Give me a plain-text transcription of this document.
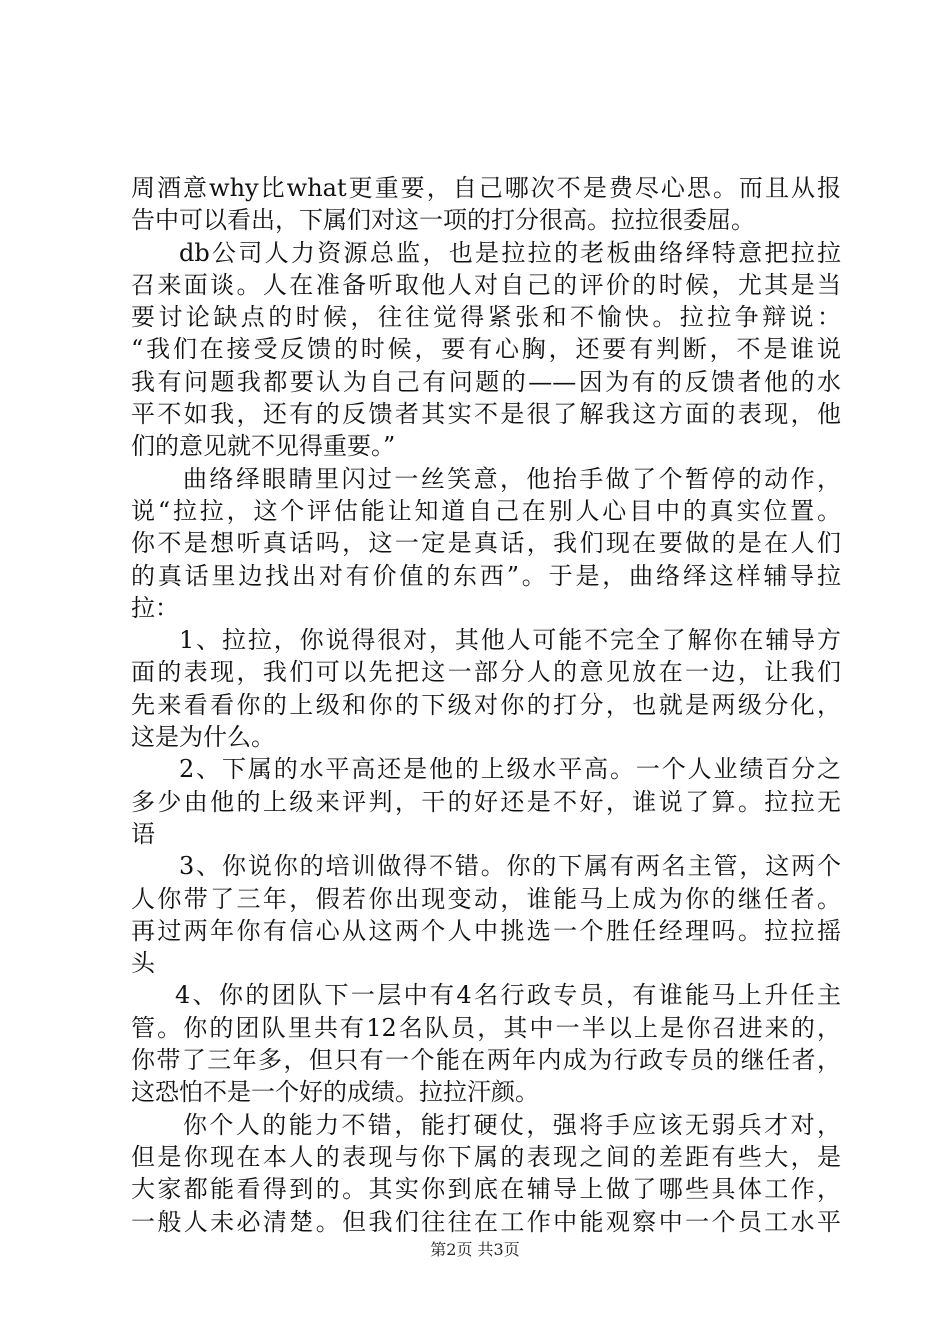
周酒意why比what更重要，自己哪次不是费尽心思。而且从报
告中可以看出，下属们对这一项的打分很高。拉拉很委屈。
db公司人力资源总监，也是拉拉的老板曲络绎特意把拉拉
召来面谈。人在准备听取他人对自己的评价的时候，尤其是当
要讨论缺点的时候，往往觉得紧张和不愉快。拉拉争辩说：
“我们在接受反馈的时候，要有心胸，还要有判断，不是谁说
我有问题我都要认为自己有问题的——因为有的反馈者他的水
平不如我，还有的反馈者其实不是很了解我这方面的表现，他
们的意见就不见得重要。”
曲络绎眼睛里闪过一丝笑意，他抬手做了个暂停的动作，
说“拉拉，这个评估能让知道自己在别人心目中的真实位置。
你不是想听真话吗，这一定是真话，我们现在要做的是在人们
的真话里边找出对有价值的东西”。于是，曲络绎这样辅导拉
拉：
1、拉拉，你说得很对，其他人可能不完全了解你在辅导方
面的表现，我们可以先把这一部分人的意见放在一边，让我们
先来看看你的上级和你的下级对你的打分，也就是两级分化，
这是为什么。
2、下属的水平高还是他的上级水平高。一个人业绩百分之
多少由他的上级来评判，干的好还是不好，谁说了算。拉拉无
语
3、你说你的培训做得不错。你的下属有两名主管，这两个
人你带了三年，假若你出现变动，谁能马上成为你的继任者。
再过两年你有信心从这两个人中挑选一个胜任经理吗。拉拉摇
头
4、你的团队下一层中有4名行政专员，有谁能马上升任主
管。你的团队里共有12名队员，其中一半以上是你召进来的，
你带了三年多，但只有一个能在两年内成为行政专员的继任者，
这恐怕不是一个好的成绩。拉拉汗颜。
你个人的能力不错，能打硬仗，强将手应该无弱兵才对，
但是你现在本人的表现与你下属的表现之间的差距有些大，是
大家都能看得到的。其实你到底在辅导上做了哪些具体工作，
一般人未必清楚。但我们往往在工作中能观察中一个员工水平
第2页 共3页
